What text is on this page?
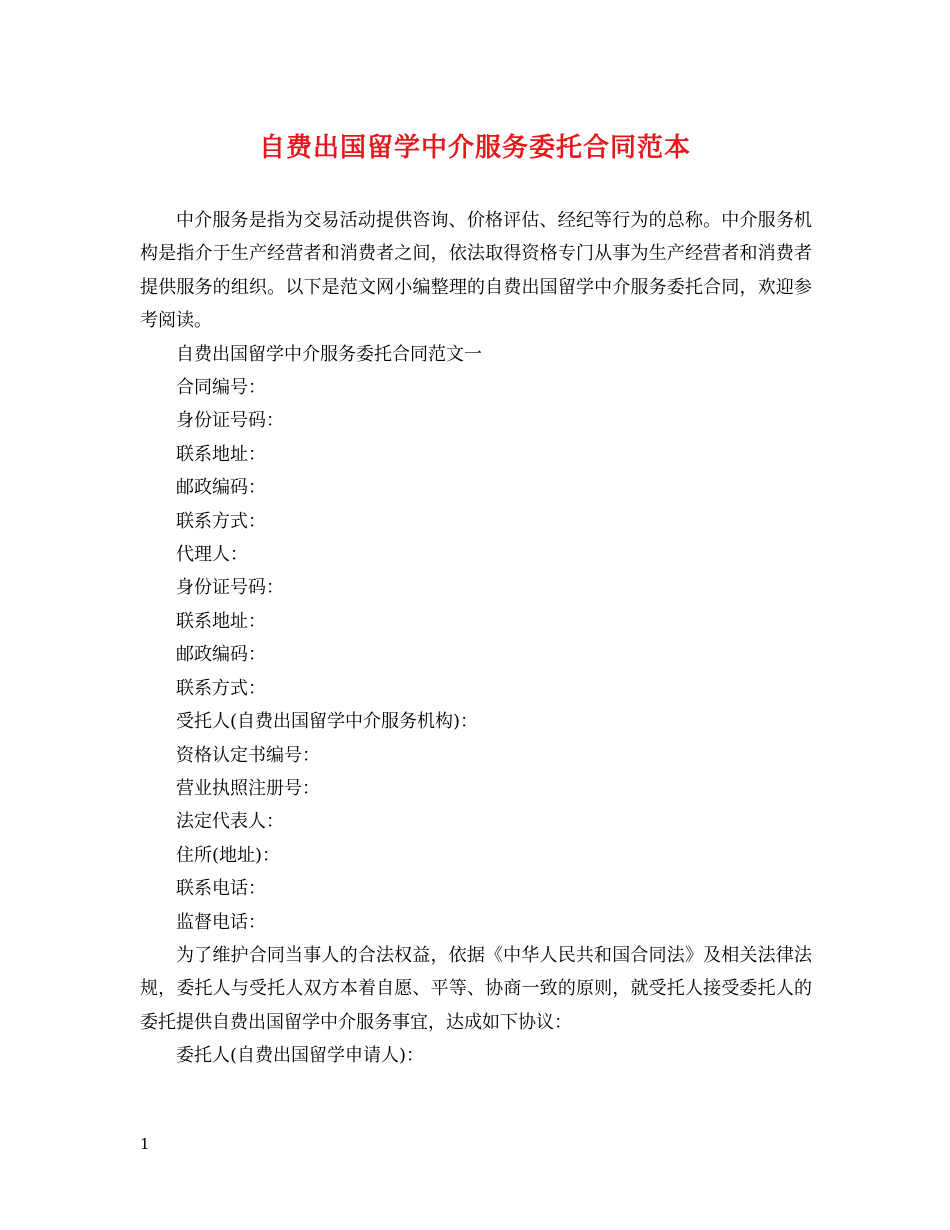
自费出国留学中介服务委托合同范本

中介服务是指为交易活动提供咨询、价格评估、经纪等行为的总称。中介服务机构是指介于生产经营者和消费者之间，依法取得资格专门从事为生产经营者和消费者提供服务的组织。以下是范文网小编整理的自费出国留学中介服务委托合同，欢迎参考阅读。

自费出国留学中介服务委托合同范文一
合同编号：
身份证号码：
联系地址：
邮政编码：
联系方式：
代理人：
身份证号码：
联系地址：
邮政编码：
联系方式：
受托人(自费出国留学中介服务机构)：
资格认定书编号：
营业执照注册号：
法定代表人：
住所(地址)：
联系电话：
监督电话：

为了维护合同当事人的合法权益，依据《中华人民共和国合同法》及相关法律法规，委托人与受托人双方本着自愿、平等、协商一致的原则，就受托人接受委托人的委托提供自费出国留学中介服务事宜，达成如下协议：

委托人(自费出国留学申请人)：
1
